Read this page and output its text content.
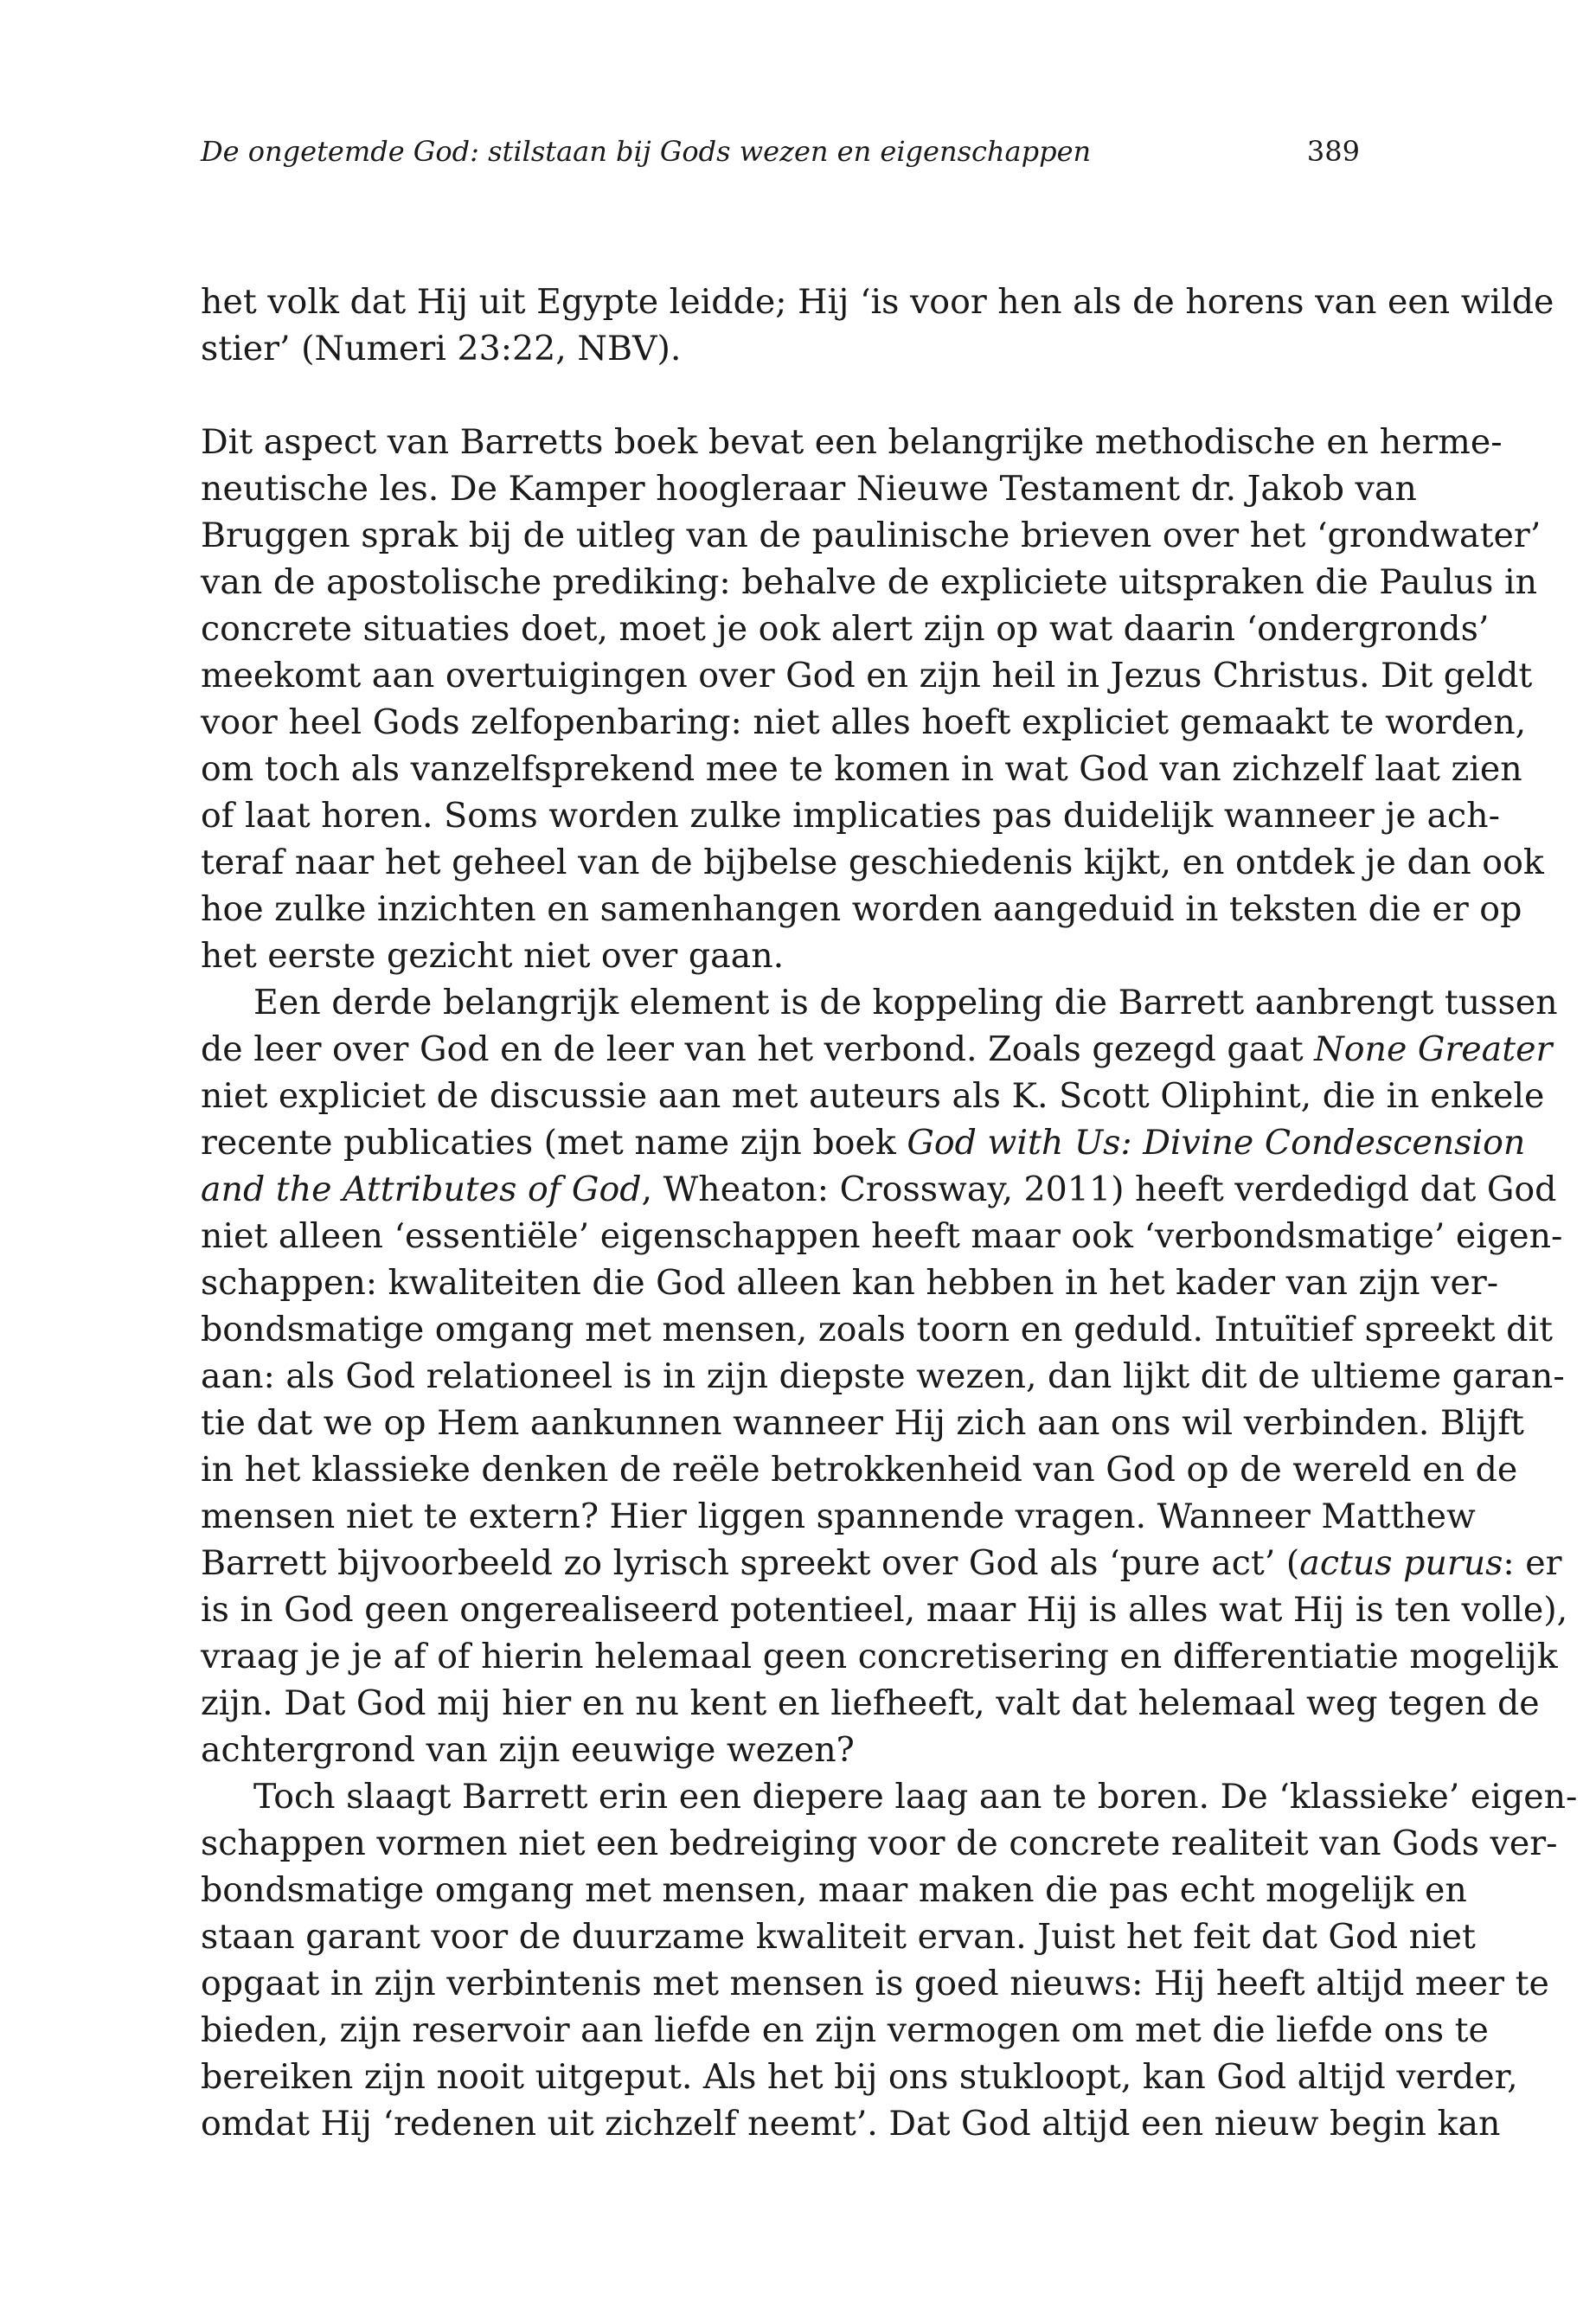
De ongetemde God: stilstaan bij Gods wezen en eigenschappen	389

het volk dat Hij uit Egypte leidde; Hij ‘is voor hen als de horens van een wilde
stier’ (Numeri 23:22, NBV).

Dit aspect van Barretts boek bevat een belangrijke methodische en herme-
neutische les. De Kamper hoogleraar Nieuwe Testament dr. Jakob van
Bruggen sprak bij de uitleg van de paulinische brieven over het ‘grondwater’
van de apostolische prediking: behalve de expliciete uitspraken die Paulus in
concrete situaties doet, moet je ook alert zijn op wat daarin ‘ondergronds’
meekomt aan overtuigingen over God en zijn heil in Jezus Christus. Dit geldt
voor heel Gods zelfopenbaring: niet alles hoeft expliciet gemaakt te worden,
om toch als vanzelfsprekend mee te komen in wat God van zichzelf laat zien
of laat horen. Soms worden zulke implicaties pas duidelijk wanneer je ach-
teraf naar het geheel van de bijbelse geschiedenis kijkt, en ontdek je dan ook
hoe zulke inzichten en samenhangen worden aangeduid in teksten die er op
het eerste gezicht niet over gaan.

Een derde belangrijk element is de koppeling die Barrett aanbrengt tussen
de leer over God en de leer van het verbond. Zoals gezegd gaat None Greater
niet expliciet de discussie aan met auteurs als K. Scott Oliphint, die in enkele
recente publicaties (met name zijn boek God with Us: Divine Condescension
and the Attributes of God, Wheaton: Crossway, 2011) heeft verdedigd dat God
niet alleen ‘essentiële’ eigenschappen heeft maar ook ‘verbondsmatige’ eigen-
schappen: kwaliteiten die God alleen kan hebben in het kader van zijn ver-
bondsmatige omgang met mensen, zoals toorn en geduld. Intuïtief spreekt dit
aan: als God relationeel is in zijn diepste wezen, dan lijkt dit de ultieme garan-
tie dat we op Hem aankunnen wanneer Hij zich aan ons wil verbinden. Blijft
in het klassieke denken de reële betrokkenheid van God op de wereld en de
mensen niet te extern? Hier liggen spannende vragen. Wanneer Matthew
Barrett bijvoorbeeld zo lyrisch spreekt over God als ‘pure act’ (actus purus: er
is in God geen ongerealiseerd potentieel, maar Hij is alles wat Hij is ten volle),
vraag je je af of hierin helemaal geen concretisering en differentiatie mogelijk
zijn. Dat God mij hier en nu kent en liefheeft, valt dat helemaal weg tegen de
achtergrond van zijn eeuwige wezen?

Toch slaagt Barrett erin een diepere laag aan te boren. De ‘klassieke’ eigen-
schappen vormen niet een bedreiging voor de concrete realiteit van Gods ver-
bondsmatige omgang met mensen, maar maken die pas echt mogelijk en
staan garant voor de duurzame kwaliteit ervan. Juist het feit dat God niet
opgaat in zijn verbintenis met mensen is goed nieuws: Hij heeft altijd meer te
bieden, zijn reservoir aan liefde en zijn vermogen om met die liefde ons te
bereiken zijn nooit uitgeput. Als het bij ons stukloopt, kan God altijd verder,
omdat Hij ‘redenen uit zichzelf neemt’. Dat God altijd een nieuw begin kan
